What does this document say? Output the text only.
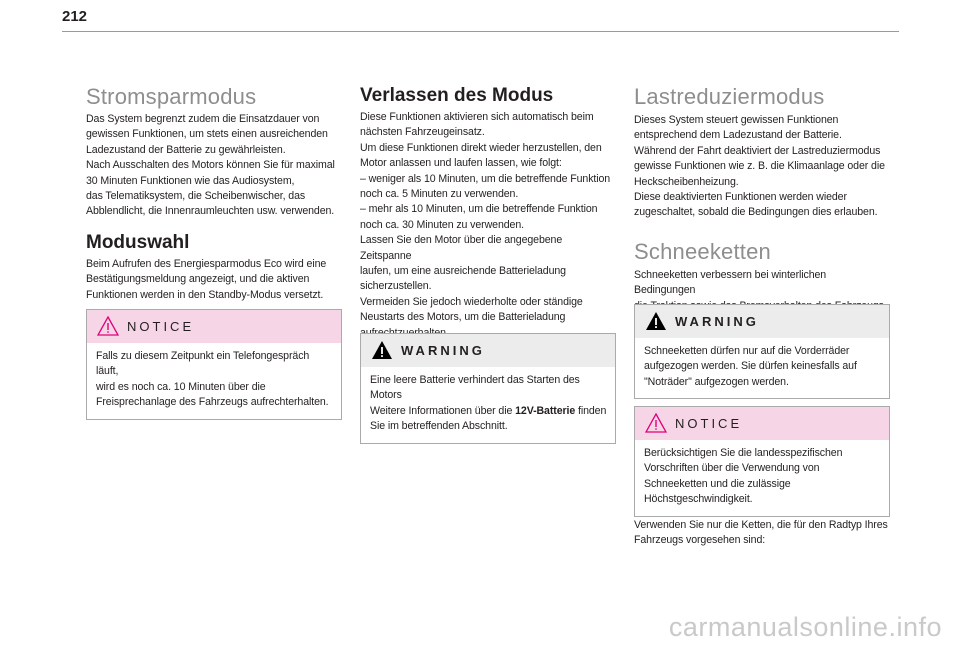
212
Stromsparmodus

Das System begrenzt zudem die Einsatzdauer von
gewissen Funktionen, um stets einen ausreichenden
Ladezustand der Batterie zu gewährleisten.
Nach Ausschalten des Motors können Sie für maximal
30 Minuten Funktionen wie das Audiosystem,
das Telematiksystem, die Scheibenwischer, das
Abblendlicht, die Innenraumleuchten usw. verwenden.

Moduswahl

Beim Aufrufen des Energiesparmodus Eco wird eine
Bestätigungsmeldung angezeigt, und die aktiven
Funktionen werden in den Standby-Modus versetzt.

NOTICE

Falls zu diesem Zeitpunkt ein Telefongespräch läuft,
wird es noch ca. 10 Minuten über die
Freisprechanlage des Fahrzeugs aufrechterhalten.

Verlassen des Modus

Diese Funktionen aktivieren sich automatisch beim
nächsten Fahrzeugeinsatz.
Um diese Funktionen direkt wieder herzustellen, den
Motor anlassen und laufen lassen, wie folgt:
– weniger als 10 Minuten, um die betreffende Funktion
noch ca. 5 Minuten zu verwenden.
– mehr als 10 Minuten, um die betreffende Funktion
noch ca. 30 Minuten zu verwenden.
Lassen Sie den Motor über die angegebene Zeitspanne
laufen, um eine ausreichende Batterieladung
sicherzustellen.
Vermeiden Sie jedoch wiederholte oder ständige
Neustarts des Motors, um die Batterieladung

WARNING

Eine leere Batterie verhindert das Starten des
Motors
Weitere Informationen über die 12V-Batterie finden
Sie im betreffenden Abschnitt.

Lastreduziermodus

Dieses System steuert gewissen Funktionen
entsprechend dem Ladezustand der Batterie.
Während der Fahrt deaktiviert der Lastreduziermodus
gewisse Funktionen wie z. B. die Klimaanlage oder die
Heckscheibenheizung.
Diese deaktivierten Funktionen werden wieder
zugeschaltet, sobald die Bedingungen dies erlauben.

Schneeketten

Schneeketten verbessern bei winterlichen Bedingungen

WARNING

Schneeketten dürfen nur auf die Vorderräder
aufgezogen werden. Sie dürfen keinesfalls auf
"Noträder" aufgezogen werden.

NOTICE

Berücksichtigen Sie die landesspezifischen
Vorschriften über die Verwendung von
Schneeketten und die zulässige
Höchstgeschwindigkeit.

Verwenden Sie nur die Ketten, die für den Radtyp Ihres
Fahrzeugs vorgesehen sind:

carmanualsonline.info
